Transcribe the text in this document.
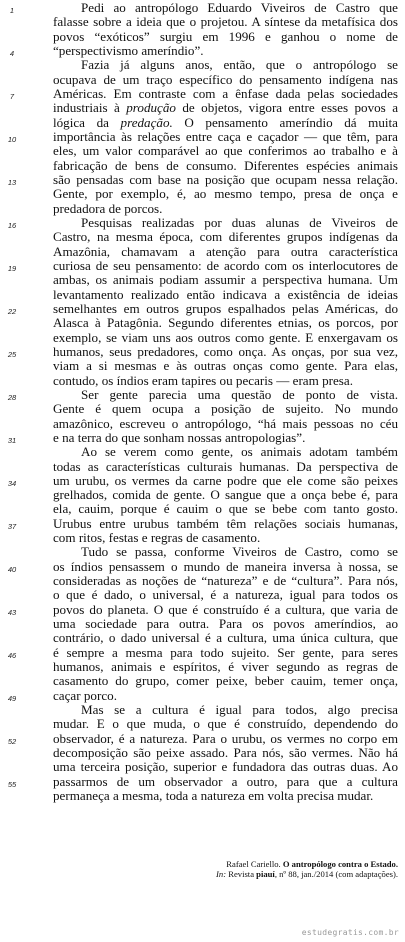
Pedi ao antropólogo Eduardo Viveiros de Castro que
falasse sobre a ideia que o projetou. A síntese da metafísica dos
povos “exóticos” surgiu em 1996 e ganhou o nome de
“perspectivismo ameríndio”.
Fazia já alguns anos, então, que o antropólogo se
ocupava de um traço específico do pensamento indígena nas
Américas. Em contraste com a ênfase dada pelas sociedades
industriais à produção de objetos, vigora entre esses povos a
lógica da predação. O pensamento ameríndio dá muita
importância às relações entre caça e caçador — que têm, para
eles, um valor comparável ao que conferimos ao trabalho e à
fabricação de bens de consumo. Diferentes espécies animais
são pensadas com base na posição que ocupam nessa relação.
Gente, por exemplo, é, ao mesmo tempo, presa de onça e
predadora de porcos.
Pesquisas realizadas por duas alunas de Viveiros de
Castro, na mesma época, com diferentes grupos indígenas da
Amazônia, chamavam a atenção para outra característica
curiosa de seu pensamento: de acordo com os interlocutores de
ambas, os animais podiam assumir a perspectiva humana. Um
levantamento realizado então indicava a existência de ideias
semelhantes em outros grupos espalhados pelas Américas, do
Alasca à Patagônia. Segundo diferentes etnias, os porcos, por
exemplo, se viam uns aos outros como gente. E enxergavam os
humanos, seus predadores, como onça. As onças, por sua vez,
viam a si mesmas e às outras onças como gente. Para elas,
contudo, os índios eram tapires ou pecaris — eram presa.
Ser gente parecia uma questão de ponto de vista.
Gente é quem ocupa a posição de sujeito. No mundo
amazônico, escreveu o antropólogo, “há mais pessoas no céu
e na terra do que sonham nossas antropologias”.
Ao se verem como gente, os animais adotam também
todas as características culturais humanas. Da perspectiva de
um urubu, os vermes da carne podre que ele come são peixes
grelhados, comida de gente. O sangue que a onça bebe é, para
ela, cauim, porque é cauim o que se bebe com tanto gosto.
Urubus entre urubus também têm relações sociais humanas,
com ritos, festas e regras de casamento.
Tudo se passa, conforme Viveiros de Castro, como se
os índios pensassem o mundo de maneira inversa à nossa, se
consideradas as noções de “natureza” e de “cultura”. Para nós,
o que é dado, o universal, é a natureza, igual para todos os
povos do planeta. O que é construído é a cultura, que varia de
uma sociedade para outra. Para os povos ameríndios, ao
contrário, o dado universal é a cultura, uma única cultura, que
é sempre a mesma para todo sujeito. Ser gente, para seres
humanos, animais e espíritos, é viver segundo as regras de
casamento do grupo, comer peixe, beber cauim, temer onça,
caçar porco.
Mas se a cultura é igual para todos, algo precisa
mudar. E o que muda, o que é construído, dependendo do
observador, é a natureza. Para o urubu, os vermes no corpo em
decomposição são peixe assado. Para nós, são vermes. Não há
uma terceira posição, superior e fundadora das outras duas. Ao
passarmos de um observador a outro, para que a cultura
permaneça a mesma, toda a natureza em volta precisa mudar.
1
4
7
10
13
16
19
22
25
28
31
34
37
40
43
46
49
52
55
Rafael Cariello. O antropólogo contra o Estado.
In: Revista piauí, nº 88, jan./2014 (com adaptações).
estudegratis.com.br
